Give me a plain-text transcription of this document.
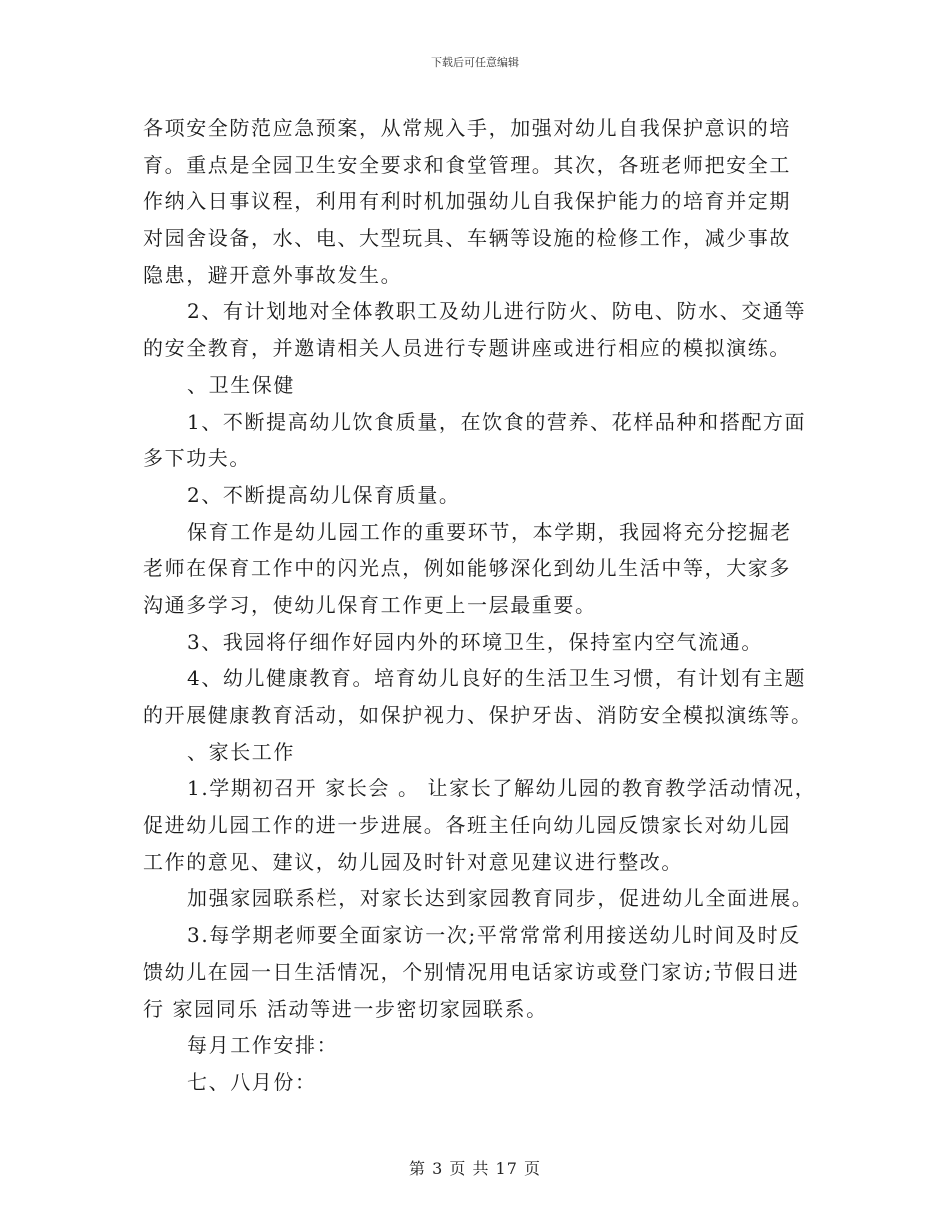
下载后可任意编辑
各项安全防范应急预案，从常规入手，加强对幼儿自我保护意识的培
育。重点是全园卫生安全要求和食堂管理。其次，各班老师把安全工
作纳入日事议程，利用有利时机加强幼儿自我保护能力的培育并定期
对园舍设备，水、电、大型玩具、车辆等设施的检修工作，减少事故
隐患，避开意外事故发生。
2、有计划地对全体教职工及幼儿进行防火、防电、防水、交通等
的安全教育，并邀请相关人员进行专题讲座或进行相应的模拟演练。
、卫生保健
1、不断提高幼儿饮食质量，在饮食的营养、花样品种和搭配方面
多下功夫。
2、不断提高幼儿保育质量。
保育工作是幼儿园工作的重要环节，本学期，我园将充分挖掘老
老师在保育工作中的闪光点，例如能够深化到幼儿生活中等，大家多
沟通多学习，使幼儿保育工作更上一层最重要。
3、我园将仔细作好园内外的环境卫生，保持室内空气流通。
4、幼儿健康教育。培育幼儿良好的生活卫生习惯，有计划有主题
的开展健康教育活动，如保护视力、保护牙齿、消防安全模拟演练等。
、家长工作
1.学期初召开 家长会 。 让家长了解幼儿园的教育教学活动情况，
促进幼儿园工作的进一步进展。各班主任向幼儿园反馈家长对幼儿园
工作的意见、建议，幼儿园及时针对意见建议进行整改。
加强家园联系栏，对家长达到家园教育同步，促进幼儿全面进展。
3.每学期老师要全面家访一次;平常常常利用接送幼儿时间及时反
馈幼儿在园一日生活情况，个别情况用电话家访或登门家访;节假日进
行 家园同乐 活动等进一步密切家园联系。
每月工作安排：
七、八月份：
第 3 页 共 17 页
